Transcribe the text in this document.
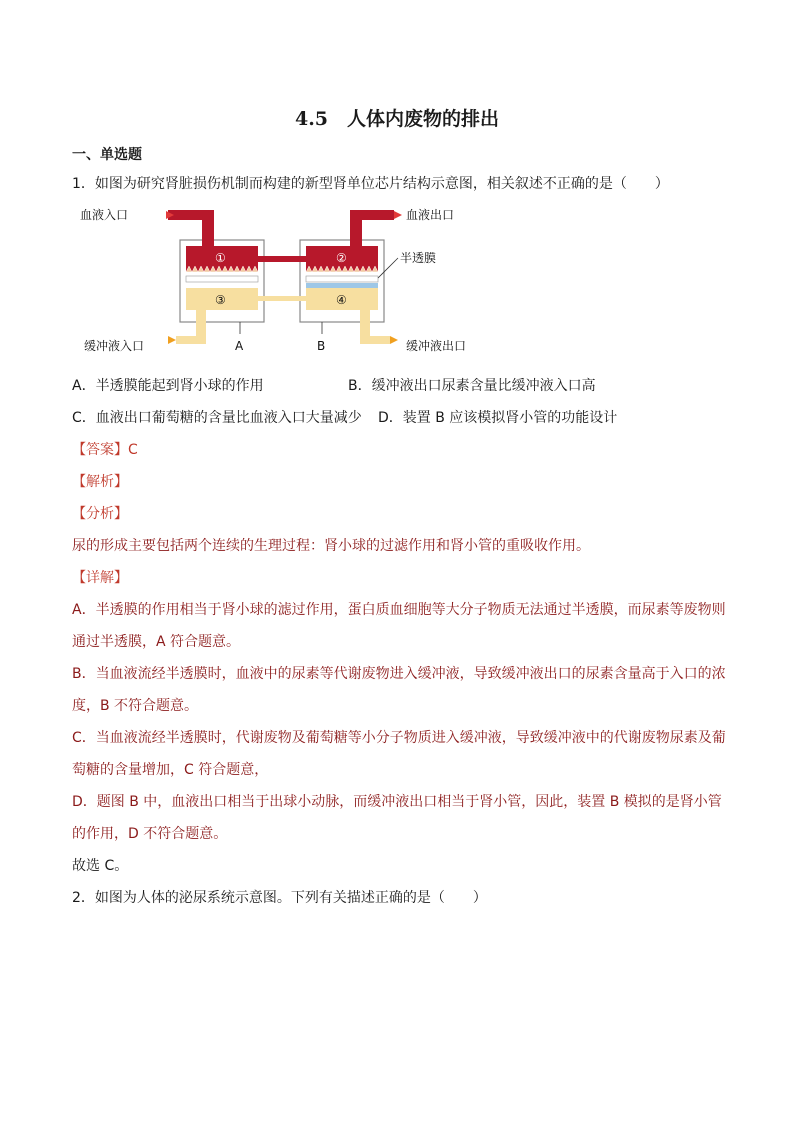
4.5　人体内废物的排出
一、单选题
1．如图为研究肾脏损伤机制而构建的新型肾单位芯片结构示意图，相关叙述不正确的是（　　）
血液入口	血液出口
半透膜
缓冲液入口	缓冲液出口
A	B
①	②
③	④
A．半透膜能起到肾小球的作用	B．缓冲液出口尿素含量比缓冲液入口高
C．血液出口葡萄糖的含量比血液入口大量减少 D．装置 B 应该模拟肾小管的功能设计
【答案】C
【解析】
【分析】
尿的形成主要包括两个连续的生理过程：肾小球的过滤作用和肾小管的重吸收作用。
【详解】
A．半透膜的作用相当于肾小球的滤过作用，蛋白质血细胞等大分子物质无法通过半透膜，而尿素等废物则
通过半透膜，A 符合题意。
B．当血液流经半透膜时，血液中的尿素等代谢废物进入缓冲液，导致缓冲液出口的尿素含量高于入口的浓
度，B 不符合题意。
C．当血液流经半透膜时，代谢废物及葡萄糖等小分子物质进入缓冲液，导致缓冲液中的代谢废物尿素及葡
萄糖的含量增加，C 符合题意，
D．题图 B 中，血液出口相当于出球小动脉，而缓冲液出口相当于肾小管，因此，装置 B 模拟的是肾小管
的作用，D 不符合题意。
故选 C。
2．如图为人体的泌尿系统示意图。下列有关描述正确的是（　　）
